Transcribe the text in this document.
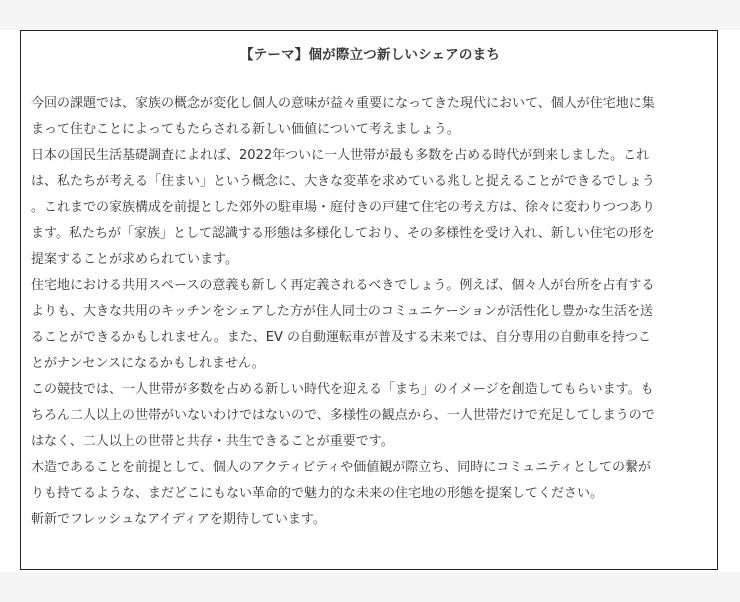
【テーマ】個が際立つ新しいシェアのまち

今回の課題では、家族の概念が変化し個人の意味が益々重要になってきた現代において、個人が住宅地に集
まって住むことによってもたらされる新しい価値について考えましょう。

日本の国民生活基礎調査によれば、2022年ついに一人世帯が最も多数を占める時代が到来しました。これ
は、私たちが考える「住まい」という概念に、大きな変革を求めている兆しと捉えることができるでしょう
。これまでの家族構成を前提とした郊外の駐車場・庭付きの戸建て住宅の考え方は、徐々に変わりつつあり
ます。私たちが「家族」として認識する形態は多様化しており、その多様性を受け入れ、新しい住宅の形を
提案することが求められています。

住宅地における共用スペースの意義も新しく再定義されるべきでしょう。例えば、個々人が台所を占有する
よりも、大きな共用のキッチンをシェアした方が住人同士のコミュニケーションが活性化し豊かな生活を送
ることができるかもしれません。また、EV の自動運転車が普及する未来では、自分専用の自動車を持つこ
とがナンセンスになるかもしれません。

この競技では、一人世帯が多数を占める新しい時代を迎える「まち」のイメージを創造してもらいます。も
ちろん二人以上の世帯がいないわけではないので、多様性の観点から、一人世帯だけで充足してしまうので
はなく、二人以上の世帯と共存・共生できることが重要です。

木造であることを前提として、個人のアクティビティや価値観が際立ち、同時にコミュニティとしての繋が
りも持てるような、まだどこにもない革命的で魅力的な未来の住宅地の形態を提案してください。

斬新でフレッシュなアイディアを期待しています。
